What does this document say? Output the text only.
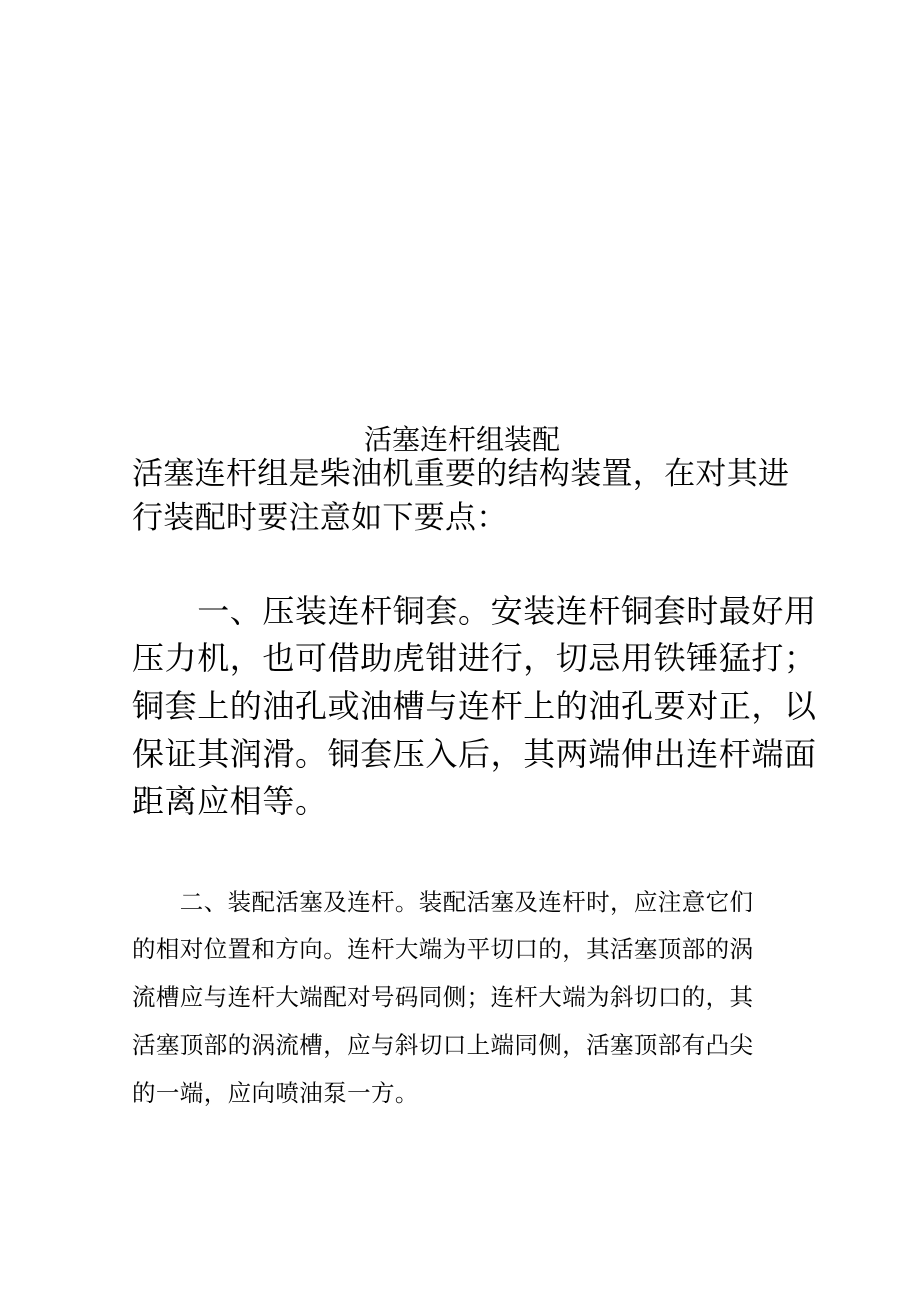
活塞连杆组装配
活塞连杆组是柴油机重要的结构装置，在对其进
行装配时要注意如下要点：
　　一、压装连杆铜套。安装连杆铜套时最好用
压力机，也可借助虎钳进行，切忌用铁锤猛打；
铜套上的油孔或油槽与连杆上的油孔要对正，以
保证其润滑。铜套压入后，其两端伸出连杆端面
距离应相等。
　　二、装配活塞及连杆。装配活塞及连杆时，应注意它们
的相对位置和方向。连杆大端为平切口的，其活塞顶部的涡
流槽应与连杆大端配对号码同侧；连杆大端为斜切口的，其
活塞顶部的涡流槽，应与斜切口上端同侧，活塞顶部有凸尖
的一端，应向喷油泵一方。
